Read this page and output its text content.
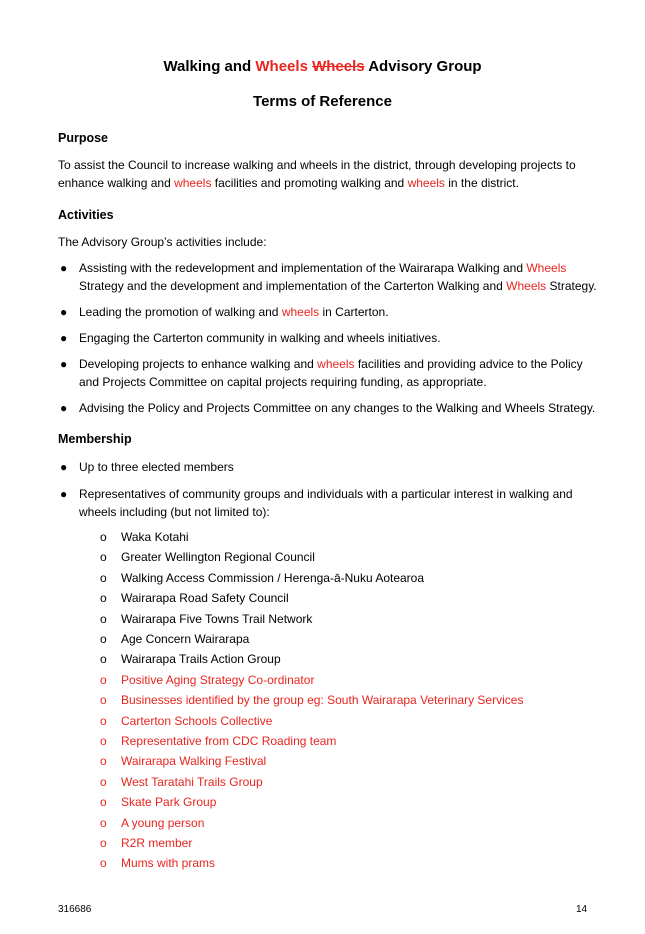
Walking and Wheels Wheels Advisory Group
Terms of Reference
Purpose
To assist the Council to increase walking and wheels in the district, through developing projects to
enhance walking and wheels facilities and promoting walking and wheels in the district.
Activities
The Advisory Group’s activities include:
● Assisting with the redevelopment and implementation of the Wairarapa Walking and Wheels
Strategy and the development and implementation of the Carterton Walking and Wheels Strategy.
● Leading the promotion of walking and wheels in Carterton.
● Engaging the Carterton community in walking and wheels initiatives.
● Developing projects to enhance walking and wheels facilities and providing advice to the Policy
and Projects Committee on capital projects requiring funding, as appropriate.
● Advising the Policy and Projects Committee on any changes to the Walking and Wheels Strategy.
Membership
● Up to three elected members
● Representatives of community groups and individuals with a particular interest in walking and
wheels including (but not limited to):
o Waka Kotahi
o Greater Wellington Regional Council
o Walking Access Commission / Herenga-ā-Nuku Aotearoa
o Wairarapa Road Safety Council
o Wairarapa Five Towns Trail Network
o Age Concern Wairarapa
o Wairarapa Trails Action Group
o Positive Aging Strategy Co-ordinator
o Businesses identified by the group eg: South Wairarapa Veterinary Services
o Carterton Schools Collective
o Representative from CDC Roading team
o Wairarapa Walking Festival
o West Taratahi Trails Group
o Skate Park Group
o A young person
o R2R member
o Mums with prams
316686	14
